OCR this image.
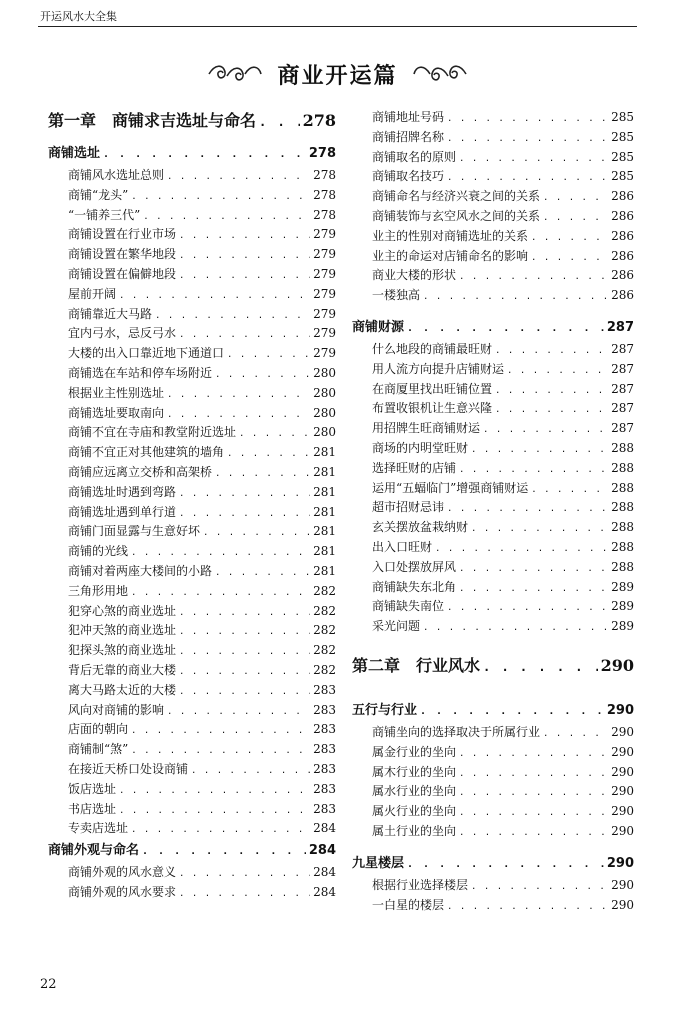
开运风水大全集
商业开运篇
第一章　商铺求吉选址与命名 . . .	278
商铺选址 . . .	278
商铺风水选址总则 . . .	278
商铺“龙头” . . .	278
“一铺养三代” . . .	278
商铺设置在行业市场 . . .	279
商铺设置在繁华地段 . . .	279
商铺设置在偏僻地段 . . .	279
屋前开阔 . . .	279
商铺靠近大马路 . . .	279
宜内弓水，忌反弓水 . . .	279
大楼的出入口靠近地下通道口 . . .	279
商铺选在车站和停车场附近 . . .	280
根据业主性别选址 . . .	280
商铺选址要取南向 . . .	280
商铺不宜在寺庙和教堂附近选址 . . .	280
商铺不宜正对其他建筑的墙角 . . .	281
商铺应远离立交桥和高架桥 . . .	281
商铺选址时遇到弯路 . . .	281
商铺选址遇到单行道 . . .	281
商铺门面显露与生意好坏 . . .	281
商铺的光线 . . .	281
商铺对着两座大楼间的小路 . . .	281
三角形用地 . . .	282
犯穿心煞的商业选址 . . .	282
犯冲天煞的商业选址 . . .	282
犯探头煞的商业选址 . . .	282
背后无靠的商业大楼 . . .	282
离大马路太近的大楼 . . .	283
风向对商铺的影响 . . .	283
店面的朝向 . . .	283
商铺制“煞” . . .	283
在接近天桥口处设商铺 . . .	283
饭店选址 . . .	283
书店选址 . . .	283
专卖店选址 . . .	284
商铺外观与命名 . . .	284
商铺外观的风水意义 . . .	284
商铺外观的风水要求 . . .	284
商铺地址号码 . . .	285
商铺招牌名称 . . .	285
商铺取名的原则 . . .	285
商铺取名技巧 . . .	285
商铺命名与经济兴衰之间的关系 . . .	286
商铺装饰与玄空风水之间的关系 . . .	286
业主的性别对商铺选址的关系 . . .	286
业主的命运对店铺命名的影响 . . .	286
商业大楼的形状 . . .	286
一楼独高 . . .	286
商铺财源 . . .	287
什么地段的商铺最旺财 . . .	287
用人流方向提升店铺财运 . . .	287
在商厦里找出旺铺位置 . . .	287
布置收银机让生意兴隆 . . .	287
用招牌生旺商铺财运 . . .	287
商场的内明堂旺财 . . .	288
选择旺财的店铺 . . .	288
运用“五蝠临门”增强商铺财运 . . .	288
超市招财忌讳 . . .	288
玄关摆放盆栽纳财 . . .	288
出入口旺财 . . .	288
入口处摆放屏风 . . .	288
商铺缺失东北角 . . .	289
商铺缺失南位 . . .	289
采光问题 . . .	289
第二章　行业风水 . . .	290
五行与行业 . . .	290
商铺坐向的选择取决于所属行业 . . .	290
属金行业的坐向 . . .	290
属木行业的坐向 . . .	290
属水行业的坐向 . . .	290
属火行业的坐向 . . .	290
属土行业的坐向 . . .	290
九星楼层 . . .	290
根据行业选择楼层 . . .	290
一白星的楼层 . . .	290
22
